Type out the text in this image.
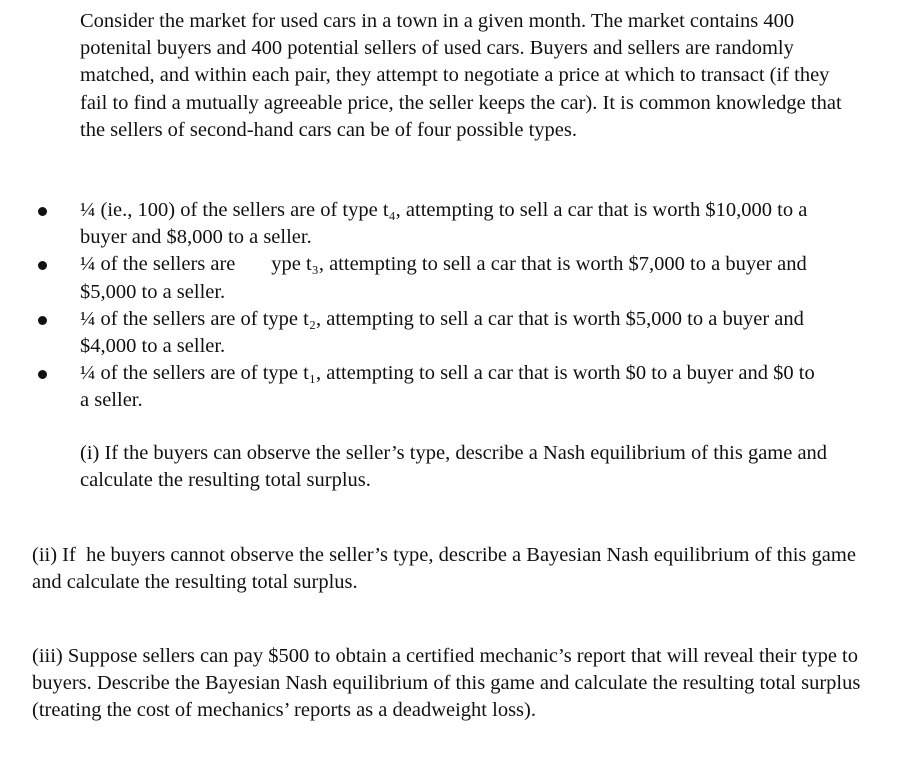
Consider the market for used cars in a town in a given month. The market contains 400 potenital buyers and 400 potential sellers of used cars. Buyers and sellers are randomly matched, and within each pair, they attempt to negotiate a price at which to transact (if they fail to find a mutually agreeable price, the seller keeps the car). It is common knowledge that the sellers of second-hand cars can be of four possible types.

¼ (ie., 100) of the sellers are of type t₄, attempting to sell a car that is worth $10,000 to a buyer and $8,000 to a seller.
¼ of the sellers are       ype t₃, attempting to sell a car that is worth $7,000 to a buyer and $5,000 to a seller.
¼ of the sellers are of type t₂, attempting to sell a car that is worth $5,000 to a buyer and $4,000 to a seller.
¼ of the sellers are of type t₁, attempting to sell a car that is worth $0 to a buyer and $0 to a seller.

(i) If the buyers can observe the seller’s type, describe a Nash equilibrium of this game and calculate the resulting total surplus.

(ii) If  he buyers cannot observe the seller’s type, describe a Bayesian Nash equilibrium of this game and calculate the resulting total surplus.

(iii) Suppose sellers can pay $500 to obtain a certified mechanic’s report that will reveal their type to buyers. Describe the Bayesian Nash equilibrium of this game and calculate the resulting total surplus (treating the cost of mechanics’ reports as a deadweight loss).
